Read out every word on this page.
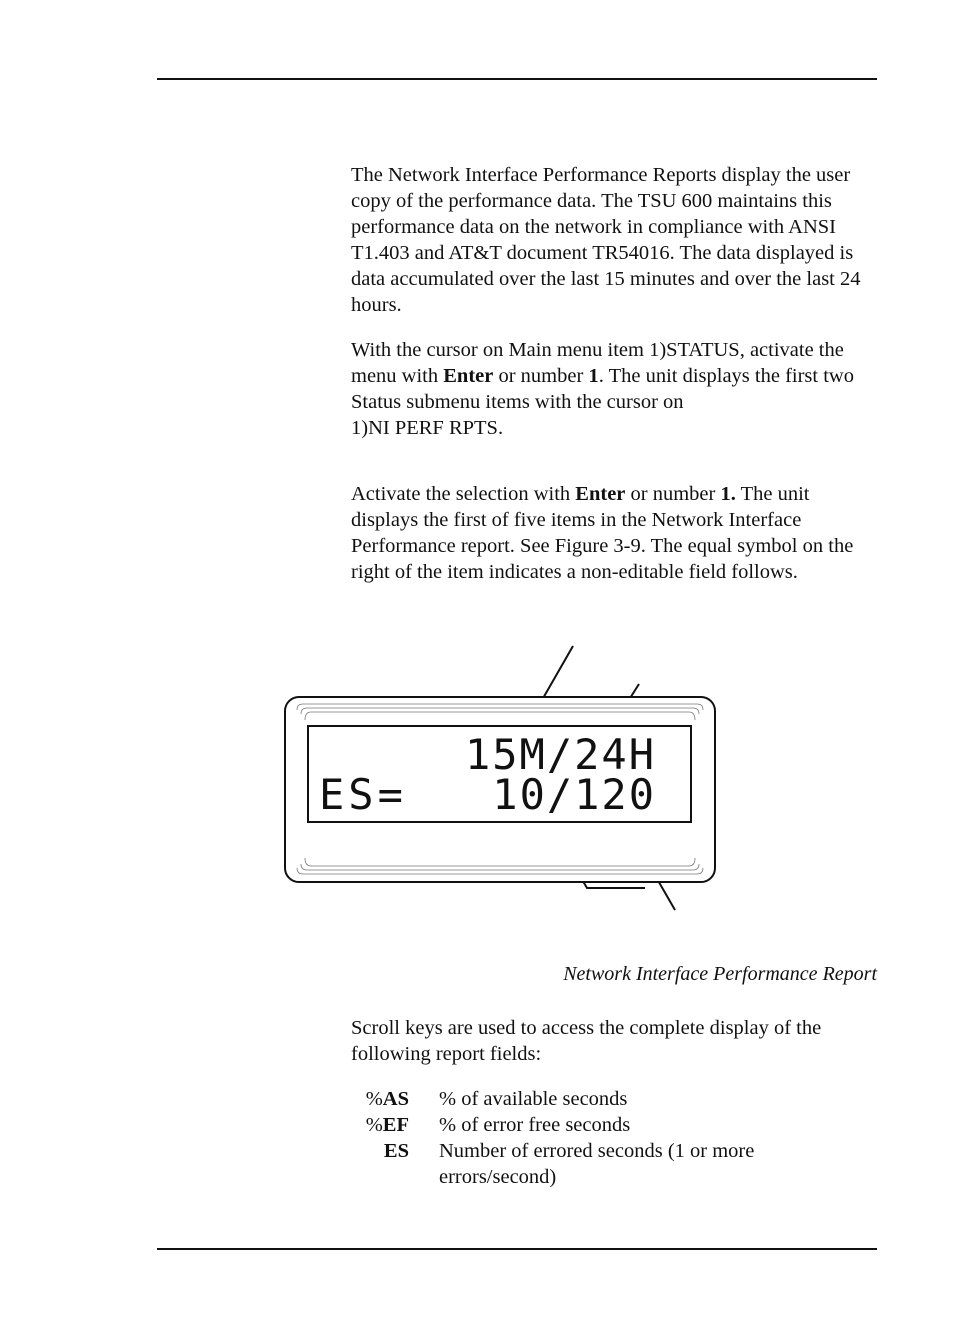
The Network Interface Performance Reports display the user copy of the performance data. The TSU 600 maintains this performance data on the network in compliance with ANSI T1.403 and AT&T document TR54016. The data displayed is data accumulated over the last 15 minutes and over the last 24 hours.

With the cursor on Main menu item 1)STATUS, activate the menu with Enter or number 1. The unit displays the first two Status submenu items with the cursor on
1)NI PERF RPTS.

Activate the selection with Enter or number 1. The unit displays the first of five items in the Network Interface Performance report. See Figure 3-9. The equal symbol on the right of the item indicates a non-editable field follows.

15M/24H
ES= 10/120
Network Interface Performance Report

Scroll keys are used to access the complete display of the following report fields:

%AS	% of available seconds
%EF	% of error free seconds
ES	Number of errored seconds (1 or more errors/second)
